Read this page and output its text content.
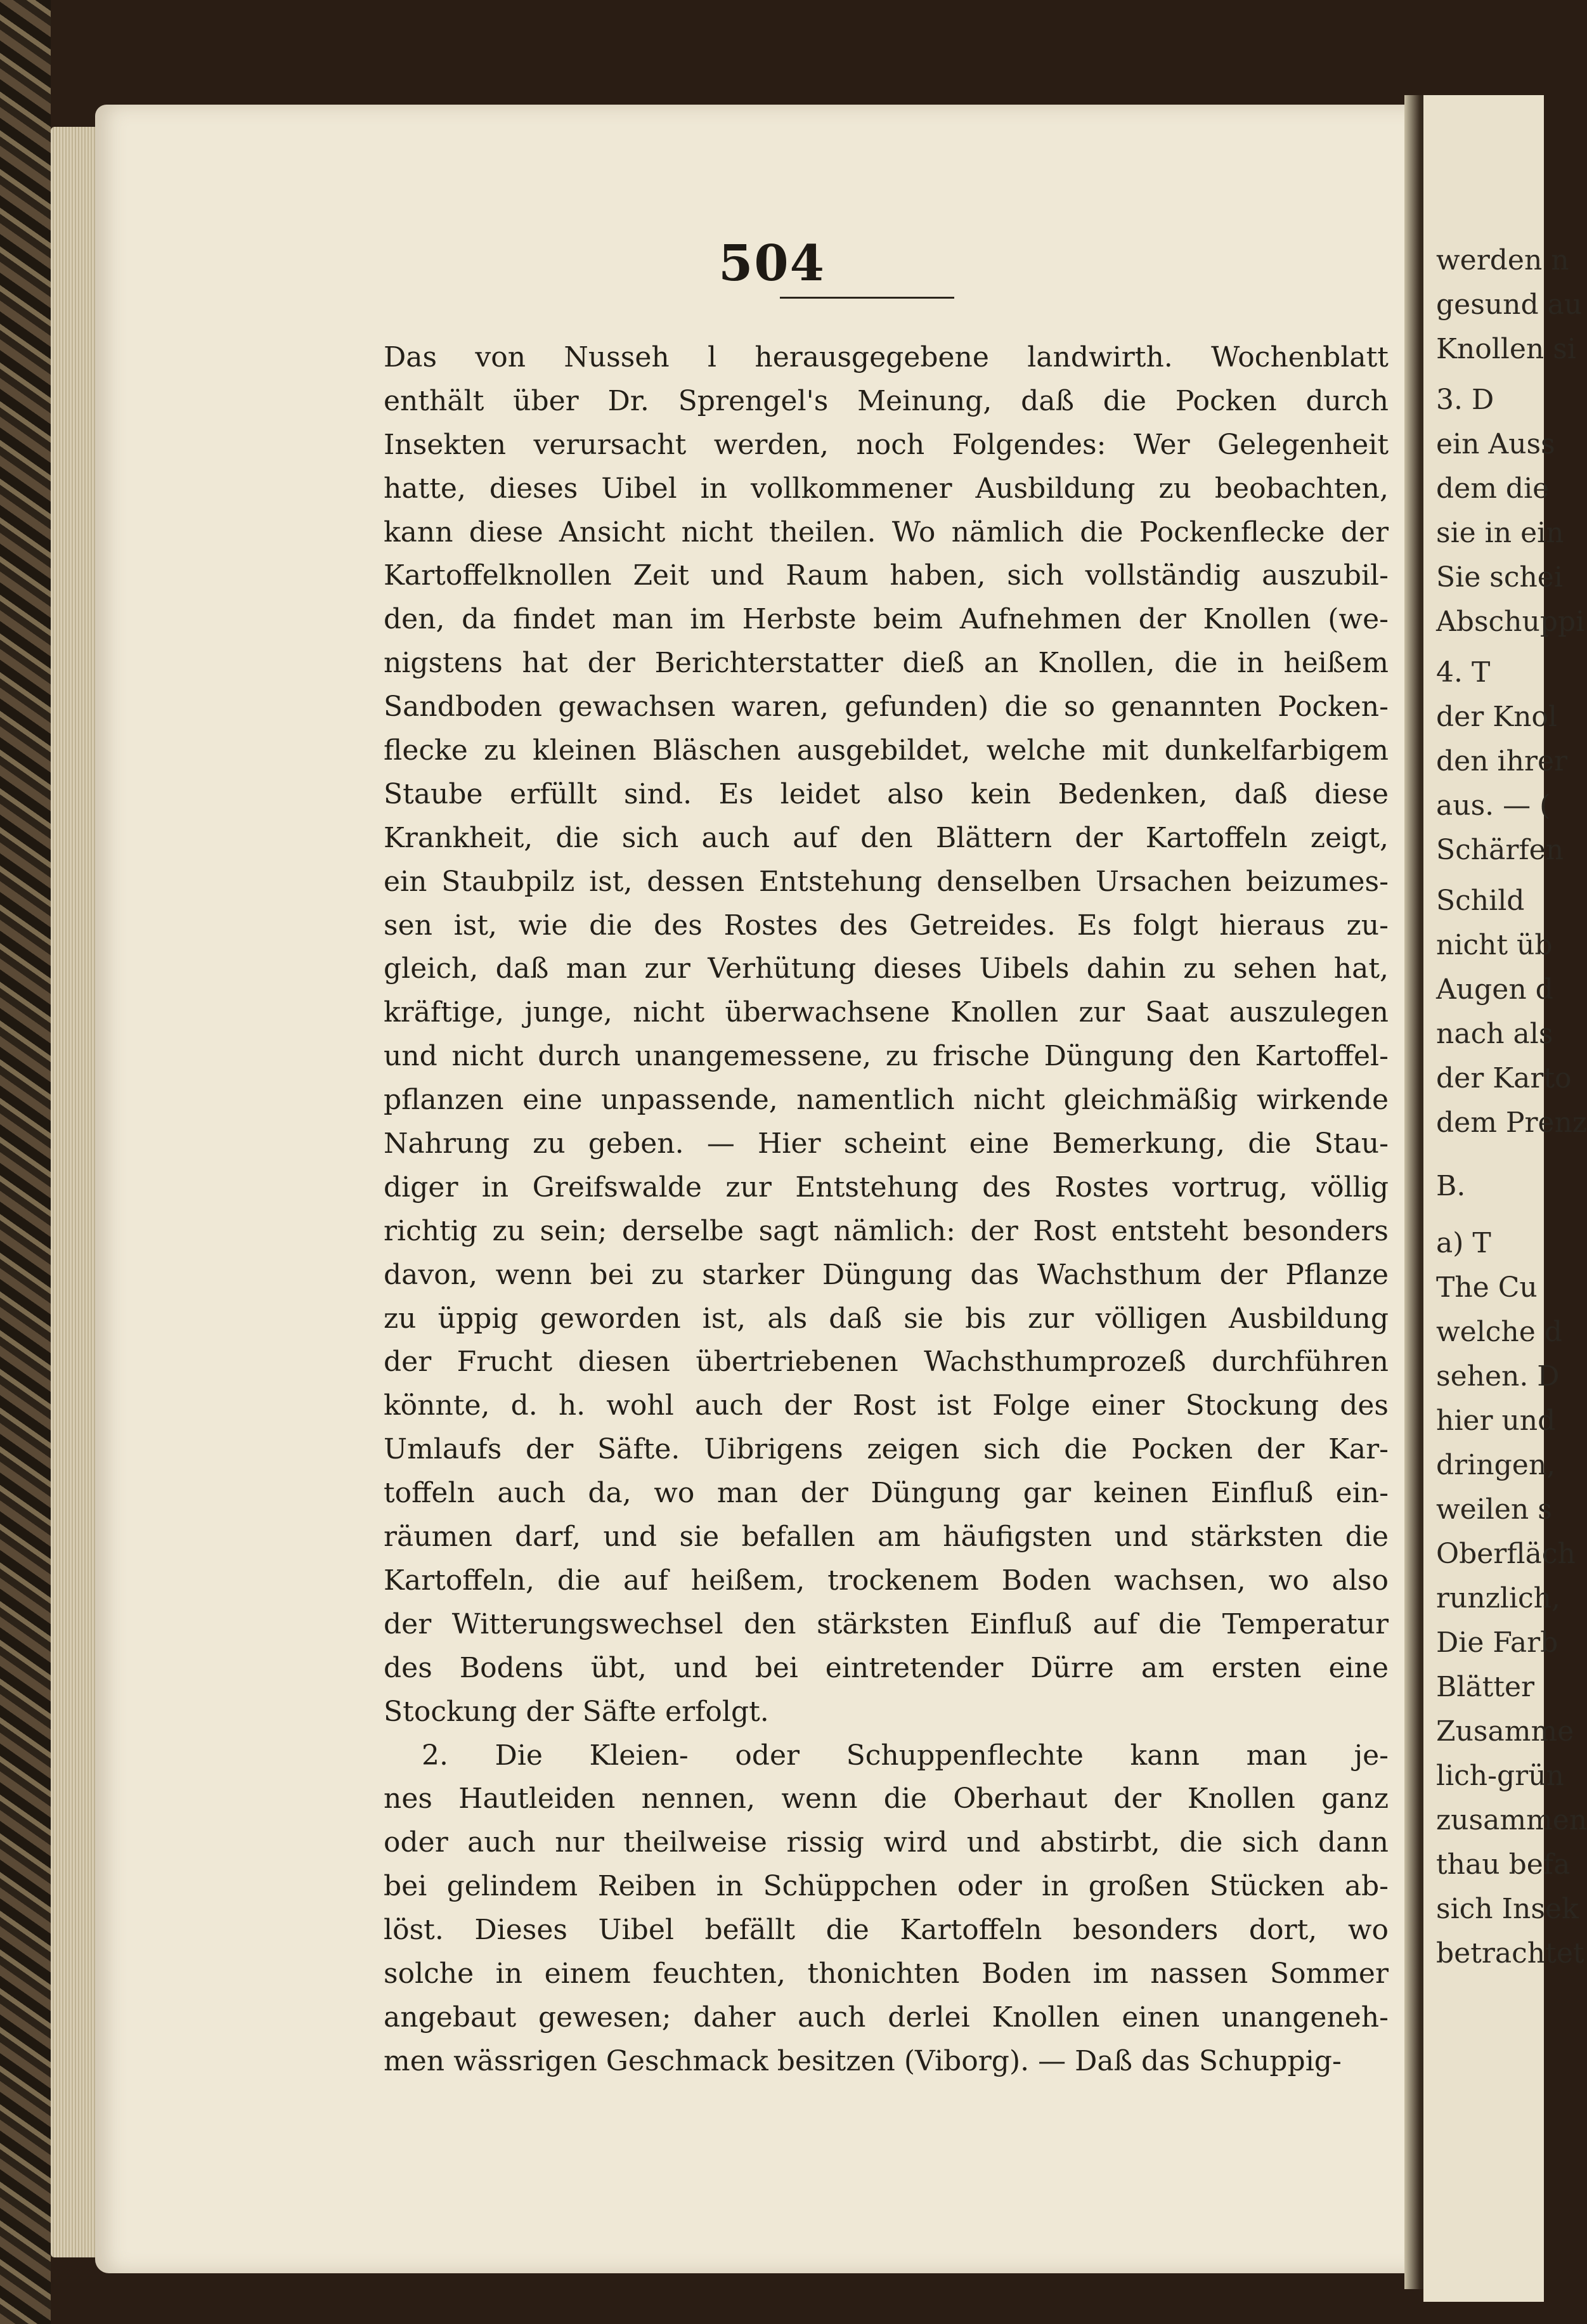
werden n
gesund au
Knollen si
3. D
ein Auss
dem die
sie in ein
Sie schei
Abschuppi
4. T
der Knol
den ihrer
aus. — (
Schärfen
Schild
nicht üb
Augen d
nach als
der Karto
dem Prenz
B.
a) T
The Cu
welche d
sehen. D
hier und
dringen,
weilen s
Oberfläch
runzlich,
Die Farb
Blätter
Zusamme
lich-grün
zusammen
thau befa
sich Insek
betrachtet
504
Das von Nusseh l herausgegebene landwirth. Wochenblatt
enthält über Dr. Sprengel's Meinung, daß die Pocken durch
Insekten verursacht werden, noch Folgendes: Wer Gelegenheit
hatte, dieses Uibel in vollkommener Ausbildung zu beobachten,
kann diese Ansicht nicht theilen. Wo nämlich die Pockenflecke der
Kartoffelknollen Zeit und Raum haben, sich vollständig auszubil-
den, da findet man im Herbste beim Aufnehmen der Knollen (we-
nigstens hat der Berichterstatter dieß an Knollen, die in heißem
Sandboden gewachsen waren, gefunden) die so genannten Pocken-
flecke zu kleinen Bläschen ausgebildet, welche mit dunkelfarbigem
Staube erfüllt sind. Es leidet also kein Bedenken, daß diese
Krankheit, die sich auch auf den Blättern der Kartoffeln zeigt,
ein Staubpilz ist, dessen Entstehung denselben Ursachen beizumes-
sen ist, wie die des Rostes des Getreides. Es folgt hieraus zu-
gleich, daß man zur Verhütung dieses Uibels dahin zu sehen hat,
kräftige, junge, nicht überwachsene Knollen zur Saat auszulegen
und nicht durch unangemessene, zu frische Düngung den Kartoffel-
pflanzen eine unpassende, namentlich nicht gleichmäßig wirkende
Nahrung zu geben. — Hier scheint eine Bemerkung, die Stau-
diger in Greifswalde zur Entstehung des Rostes vortrug, völlig
richtig zu sein; derselbe sagt nämlich: der Rost entsteht besonders
davon, wenn bei zu starker Düngung das Wachsthum der Pflanze
zu üppig geworden ist, als daß sie bis zur völligen Ausbildung
der Frucht diesen übertriebenen Wachsthumprozeß durchführen
könnte, d. h. wohl auch der Rost ist Folge einer Stockung des
Umlaufs der Säfte. Uibrigens zeigen sich die Pocken der Kar-
toffeln auch da, wo man der Düngung gar keinen Einfluß ein-
räumen darf, und sie befallen am häufigsten und stärksten die
Kartoffeln, die auf heißem, trockenem Boden wachsen, wo also
der Witterungswechsel den stärksten Einfluß auf die Temperatur
des Bodens übt, und bei eintretender Dürre am ersten eine
Stockung der Säfte erfolgt.
2. Die Kleien- oder Schuppenflechte kann man je-
nes Hautleiden nennen, wenn die Oberhaut der Knollen ganz
oder auch nur theilweise rissig wird und abstirbt, die sich dann
bei gelindem Reiben in Schüppchen oder in großen Stücken ab-
löst. Dieses Uibel befällt die Kartoffeln besonders dort, wo
solche in einem feuchten, thonichten Boden im nassen Sommer
angebaut gewesen; daher auch derlei Knollen einen unangeneh-
men wässrigen Geschmack besitzen (Viborg). — Daß das Schuppig-
